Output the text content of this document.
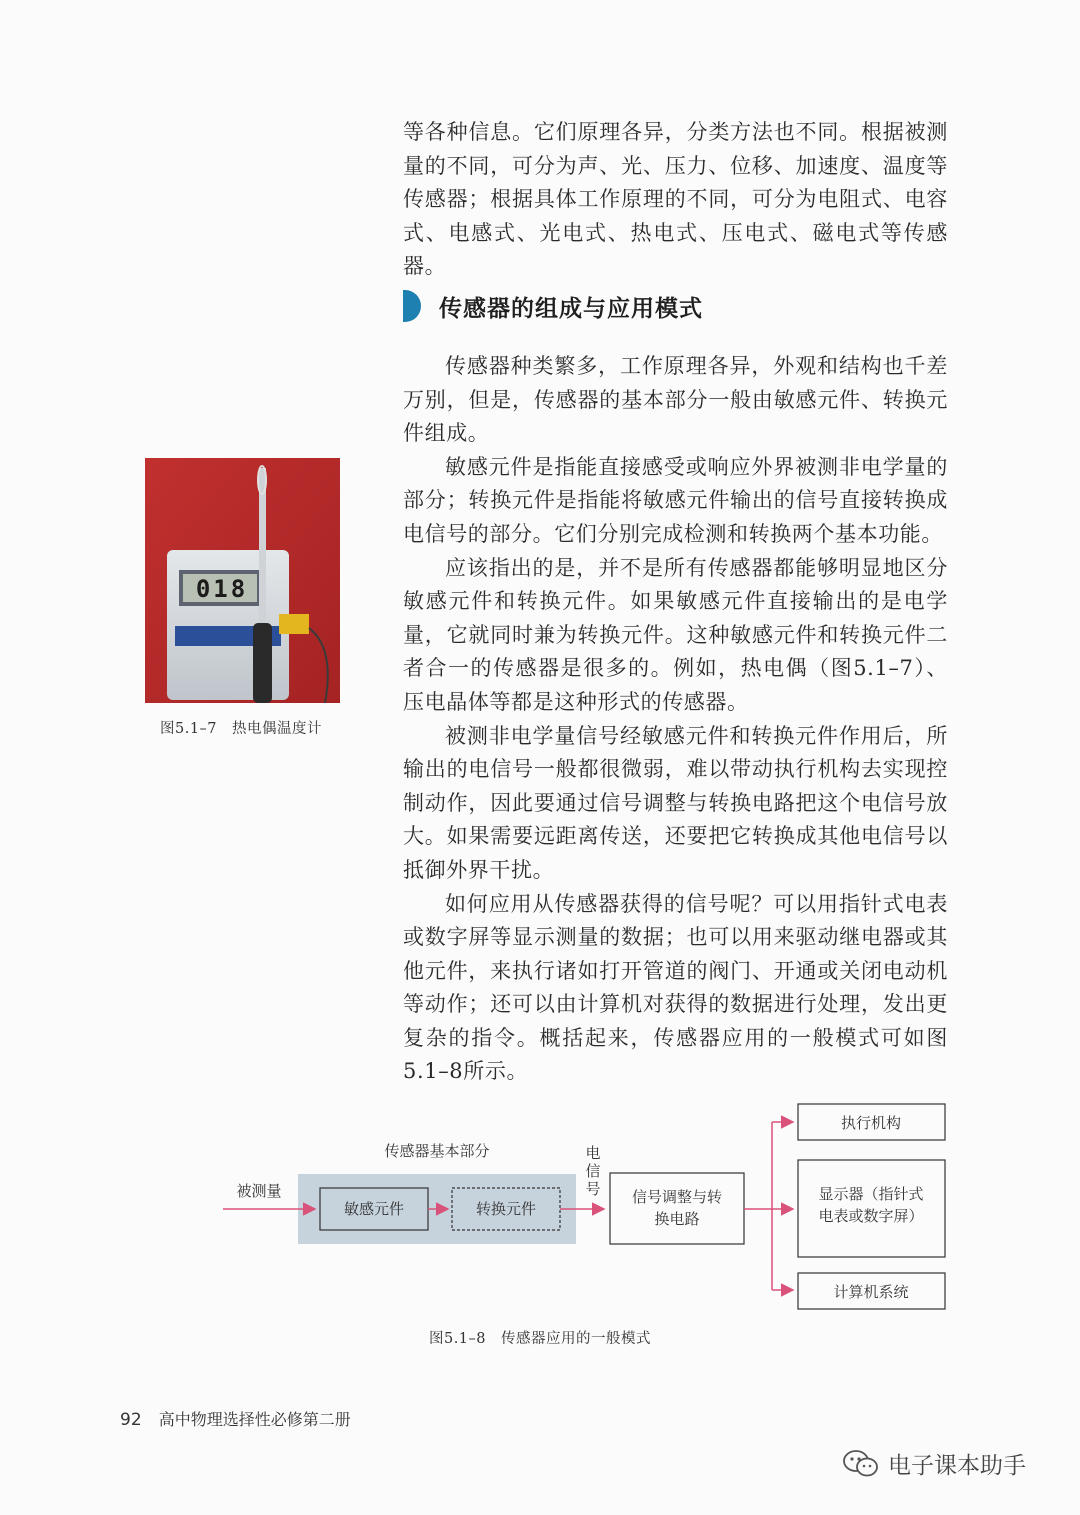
等各种信息。它们原理各异，分类方法也不同。根据被测量的不同，可分为声、光、压力、位移、加速度、温度等传感器；根据具体工作原理的不同，可分为电阻式、电容式、电感式、光电式、热电式、压电式、磁电式等传感器。

传感器的组成与应用模式

传感器种类繁多，工作原理各异，外观和结构也千差万别，但是，传感器的基本部分一般由敏感元件、转换元件组成。

敏感元件是指能直接感受或响应外界被测非电学量的部分；转换元件是指能将敏感元件输出的信号直接转换成电信号的部分。它们分别完成检测和转换两个基本功能。

应该指出的是，并不是所有传感器都能够明显地区分敏感元件和转换元件。如果敏感元件直接输出的是电学量，它就同时兼为转换元件。这种敏感元件和转换元件二者合一的传感器是很多的。例如，热电偶（图5.1–7）、压电晶体等都是这种形式的传感器。

被测非电学量信号经敏感元件和转换元件作用后，所输出的电信号一般都很微弱，难以带动执行机构去实现控制动作，因此要通过信号调整与转换电路把这个电信号放大。如果需要远距离传送，还要把它转换成其他电信号以抵御外界干扰。

如何应用从传感器获得的信号呢？可以用指针式电表或数字屏等显示测量的数据；也可以用来驱动继电器或其他元件，来执行诸如打开管道的阀门、开通或关闭电动机等动作；还可以由计算机对获得的数据进行处理，发出更复杂的指令。概括起来，传感器应用的一般模式可如图5.1–8所示。

018
图5.1–7　热电偶温度计
传感器基本部分
被测量
敏感元件	转换元件
电
信
号 信号调整与转
换电路
执行机构
显示器（指针式
电表或数字屏）
计算机系统
图5.1–8　传感器应用的一般模式
92 高中物理选择性必修第二册
电子课本助手
